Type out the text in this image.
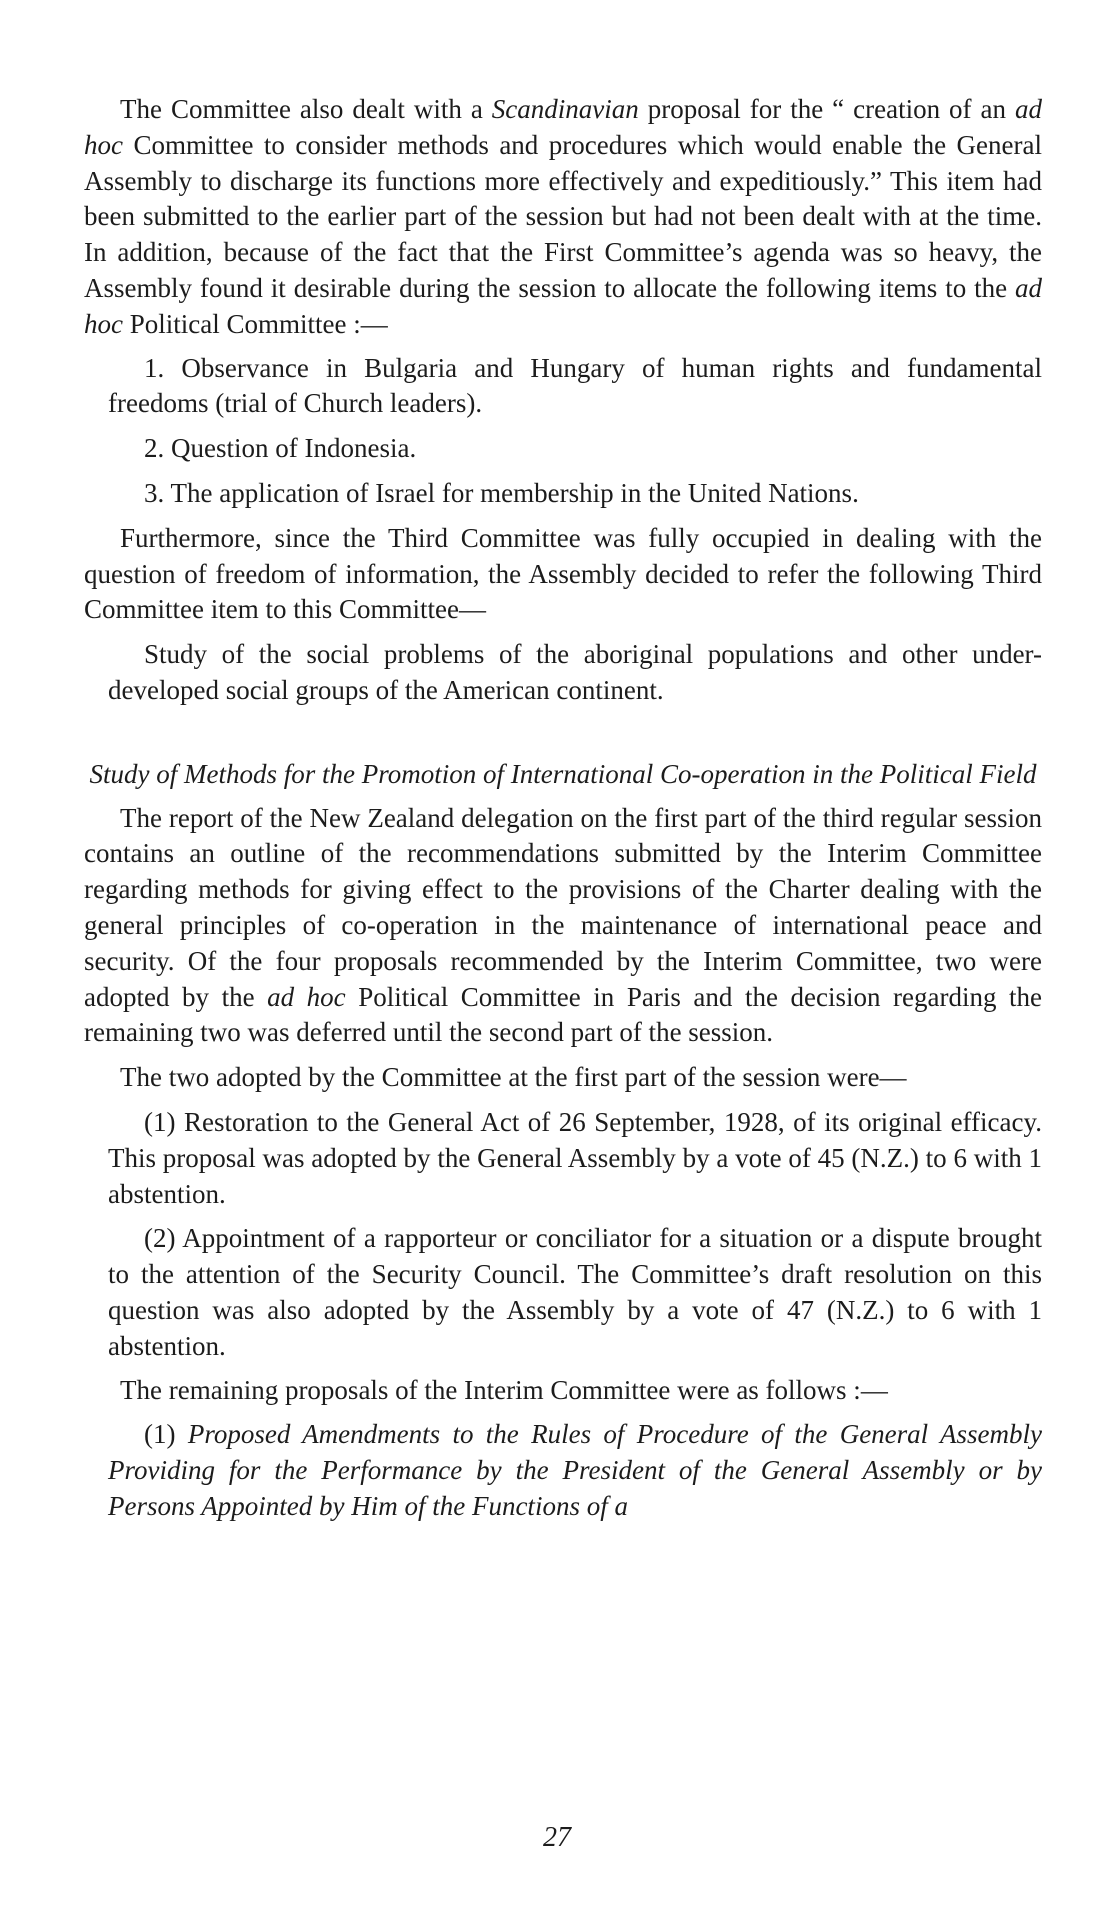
The Committee also dealt with a Scandinavian proposal for the “ creation of an ad hoc Committee to consider methods and procedures which would enable the General Assembly to discharge its functions more effectively and expeditiously.” This item had been submitted to the earlier part of the session but had not been dealt with at the time. In addition, because of the fact that the First Committee’s agenda was so heavy, the Assembly found it desirable during the session to allocate the following items to the ad hoc Political Committee :—

1. Observance in Bulgaria and Hungary of human rights and fundamental freedoms (trial of Church leaders).

2. Question of Indonesia.

3. The application of Israel for membership in the United Nations.

Furthermore, since the Third Committee was fully occupied in dealing with the question of freedom of information, the Assembly decided to refer the following Third Committee item to this Committee—

Study of the social problems of the aboriginal populations and other under-developed social groups of the American continent.

Study of Methods for the Promotion of International Co-operation in the Political Field

The report of the New Zealand delegation on the first part of the third regular session contains an outline of the recommendations submitted by the Interim Committee regarding methods for giving effect to the provisions of the Charter dealing with the general principles of co-operation in the maintenance of international peace and security. Of the four proposals recommended by the Interim Committee, two were adopted by the ad hoc Political Committee in Paris and the decision regarding the remaining two was deferred until the second part of the session.

The two adopted by the Committee at the first part of the session were—

(1) Restoration to the General Act of 26 September, 1928, of its original efficacy. This proposal was adopted by the General Assembly by a vote of 45 (N.Z.) to 6 with 1 abstention.

(2) Appointment of a rapporteur or conciliator for a situation or a dispute brought to the attention of the Security Council. The Committee’s draft resolution on this question was also adopted by the Assembly by a vote of 47 (N.Z.) to 6 with 1 abstention.

The remaining proposals of the Interim Committee were as follows :—

(1) Proposed Amendments to the Rules of Procedure of the General Assembly Providing for the Performance by the President of the General Assembly or by Persons Appointed by Him of the Functions of a

27
